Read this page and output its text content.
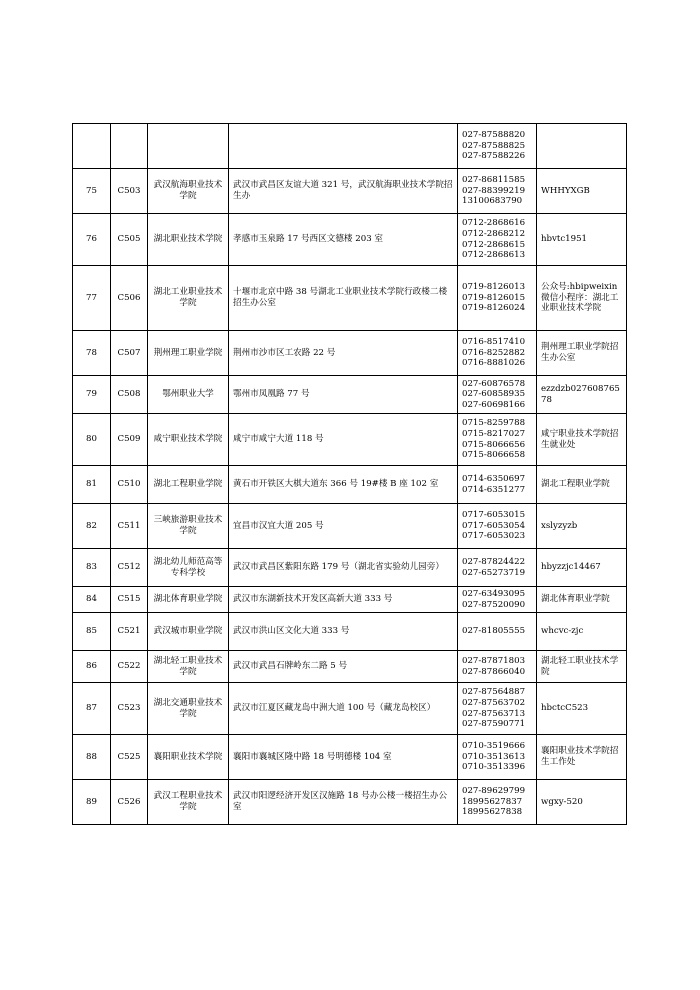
				027-87588820
027-87588825
027-87588226	

75	C503	武汉航海职业技术学院	武汉市武昌区友谊大道 321 号，武汉航海职业技术学院招生办	027-86811585
027-88399219
13100683790	WHHYXGB
76	C505	湖北职业技术学院	孝感市玉泉路 17 号西区文德楼 203 室	0712-2868616
0712-2868212
0712-2868615
0712-2868613	hbvtc1951
77	C506	湖北工业职业技术学院	十堰市北京中路 38 号湖北工业职业技术学院行政楼二楼招生办公室	0719-8126013
0719-8126015
0719-8126024	公众号:hbipweixin 微信小程序：湖北工业职业技术学院
78	C507	荆州理工职业学院	荆州市沙市区工农路 22 号	0716-8517410
0716-8252882
0716-8881026	荆州理工职业学院招生办公室
79	C508	鄂州职业大学	鄂州市凤凰路 77 号	027-60876578
027-60858935
027-60698166	ezzdzb02760876578
80	C509	咸宁职业技术学院	咸宁市咸宁大道 118 号	0715-8259788
0715-8217027
0715-8066656
0715-8066658	咸宁职业技术学院招生就业处
81	C510	湖北工程职业学院	黄石市开铁区大棋大道东 366 号 19#楼 B 座 102 室	0714-6350697
0714-6351277	湖北工程职业学院
82	C511	三峡旅游职业技术学院	宜昌市汉宜大道 205 号	0717-6053015
0717-6053054
0717-6053023	xslyzyzb
83	C512	湖北幼儿师范高等专科学校	武汉市武昌区紫阳东路 179 号（湖北省实验幼儿园旁）	027-87824422
027-65273719	hbyzzjc14467
84	C515	湖北体育职业学院	武汉市东湖新技术开发区高新大道 333 号	027-63493095
027-87520090	湖北体育职业学院
85	C521	武汉城市职业学院	武汉市洪山区文化大道 333 号	027-81805555	whcvc-zjc
86	C522	湖北轻工职业技术学院	武汉市武昌石牌岭东二路 5 号	027-87871803
027-87866040	湖北轻工职业技术学院
87	C523	湖北交通职业技术学院	武汉市江夏区藏龙岛中洲大道 100 号（藏龙岛校区）	027-87564887
027-87563702
027-87563713
027-87590771	hbctcC523
88	C525	襄阳职业技术学院	襄阳市襄城区隆中路 18 号明德楼 104 室	0710-3519666
0710-3513613
0710-3513396	襄阳职业技术学院招生工作处
89	C526	武汉工程职业技术学院	武汉市阳逻经济开发区汉施路 18 号办公楼一楼招生办公室	027-89629799
18995627837
18995627838	wgxy-520
